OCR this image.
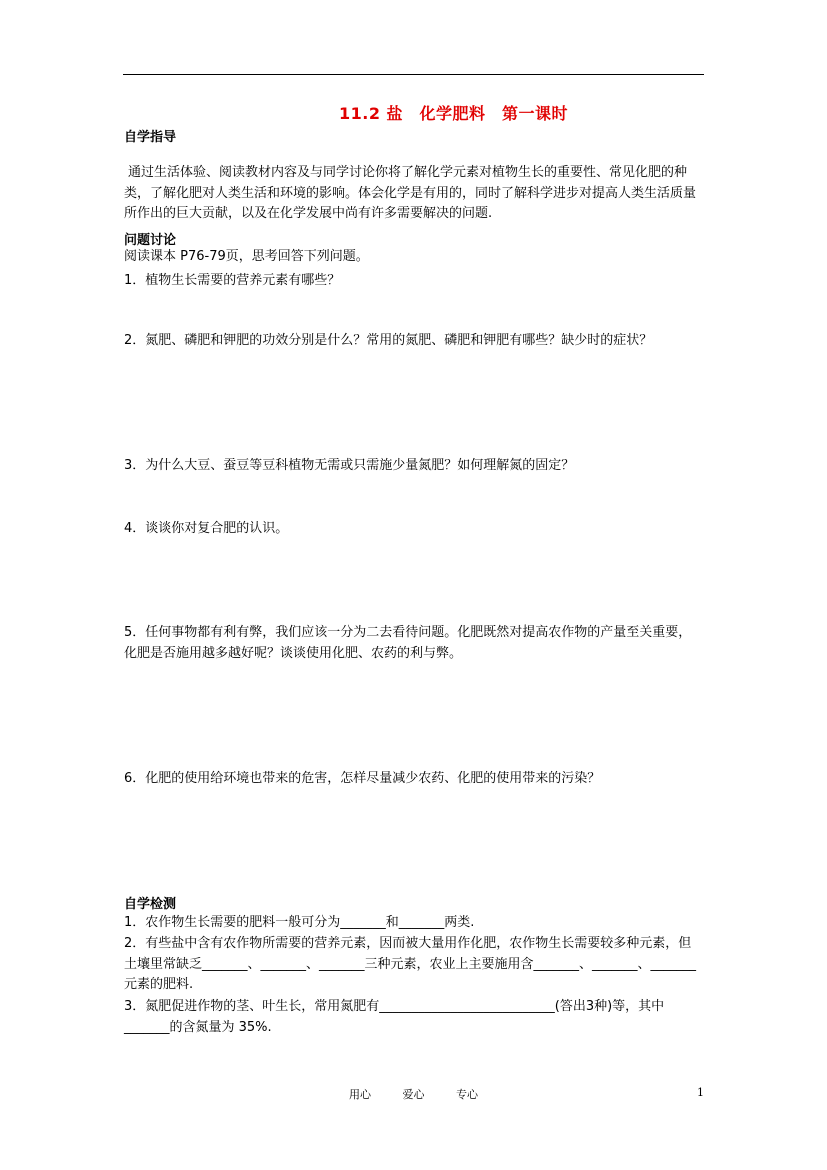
11.2 盐　化学肥料　第一课时
自学指导
通过生活体验、阅读教材内容及与同学讨论你将了解化学元素对植物生长的重要性、常见化肥的种类，了解化肥对人类生活和环境的影响。体会化学是有用的，同时了解科学进步对提高人类生活质量所作出的巨大贡献，以及在化学发展中尚有许多需要解决的问题.
问题讨论
阅读课本 P76-79页，思考回答下列问题。
1．植物生长需要的营养元素有哪些？
2．氮肥、磷肥和钾肥的功效分别是什么？常用的氮肥、磷肥和钾肥有哪些？缺少时的症状？
3．为什么大豆、蚕豆等豆科植物无需或只需施少量氮肥？如何理解氮的固定？
4．谈谈你对复合肥的认识。
5．任何事物都有利有弊，我们应该一分为二去看待问题。化肥既然对提高农作物的产量至关重要，化肥是否施用越多越好呢？谈谈使用化肥、农药的利与弊。
6．化肥的使用给环境也带来的危害，怎样尽量减少农药、化肥的使用带来的污染？
自学检测
1．农作物生长需要的肥料一般可分为_______和_______两类.
2．有些盐中含有农作物所需要的营养元素，因而被大量用作化肥，农作物生长需要较多种元素，但土壤里常缺乏_______、_______、_______三种元素，农业上主要施用含_______、_______、_______元素的肥料.
3．氮肥促进作物的茎、叶生长，常用氮肥有___________________________(答出3种)等，其中_______的含氮量为 35%.
用心	爱心	专心	1
